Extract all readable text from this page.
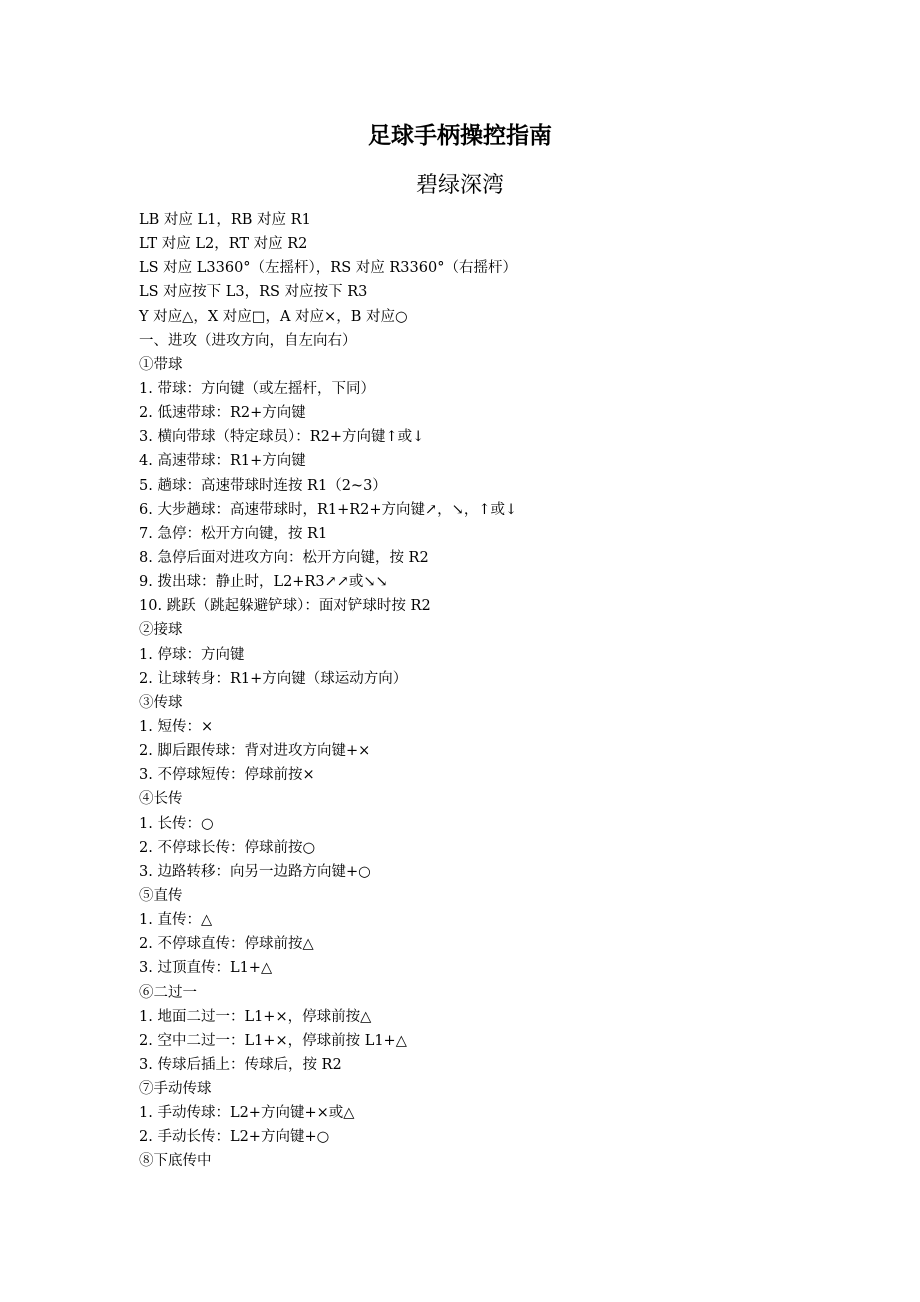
足球手柄操控指南
碧绿深湾
LB 对应 L1，RB 对应 R1
LT 对应 L2，RT 对应 R2
LS 对应 L3360°（左摇杆），RS 对应 R3360°（右摇杆）
LS 对应按下 L3，RS 对应按下 R3
Y 对应△，X 对应□，A 对应×，B 对应○
一、进攻（进攻方向，自左向右）
①带球
1. 带球：方向键（或左摇杆，下同）
2. 低速带球：R2+方向键
3. 横向带球（特定球员）：R2+方向键↑或↓
4. 高速带球：R1+方向键
5. 趟球：高速带球时连按 R1（2~3）
6. 大步趟球：高速带球时，R1+R2+方向键↗，↘，↑或↓
7. 急停：松开方向键，按 R1
8. 急停后面对进攻方向：松开方向键，按 R2
9. 拨出球：静止时，L2+R3↗↗或↘↘
10. 跳跃（跳起躲避铲球）：面对铲球时按 R2
②接球
1. 停球：方向键
2. 让球转身：R1+方向键（球运动方向）
③传球
1. 短传：×
2. 脚后跟传球：背对进攻方向键+×
3. 不停球短传：停球前按×
④长传
1. 长传：○
2. 不停球长传：停球前按○
3. 边路转移：向另一边路方向键+○
⑤直传
1. 直传：△
2. 不停球直传：停球前按△
3. 过顶直传：L1+△
⑥二过一
1. 地面二过一：L1+×，停球前按△
2. 空中二过一：L1+×，停球前按 L1+△
3. 传球后插上：传球后，按 R2
⑦手动传球
1. 手动传球：L2+方向键+×或△
2. 手动长传：L2+方向键+○
⑧下底传中
